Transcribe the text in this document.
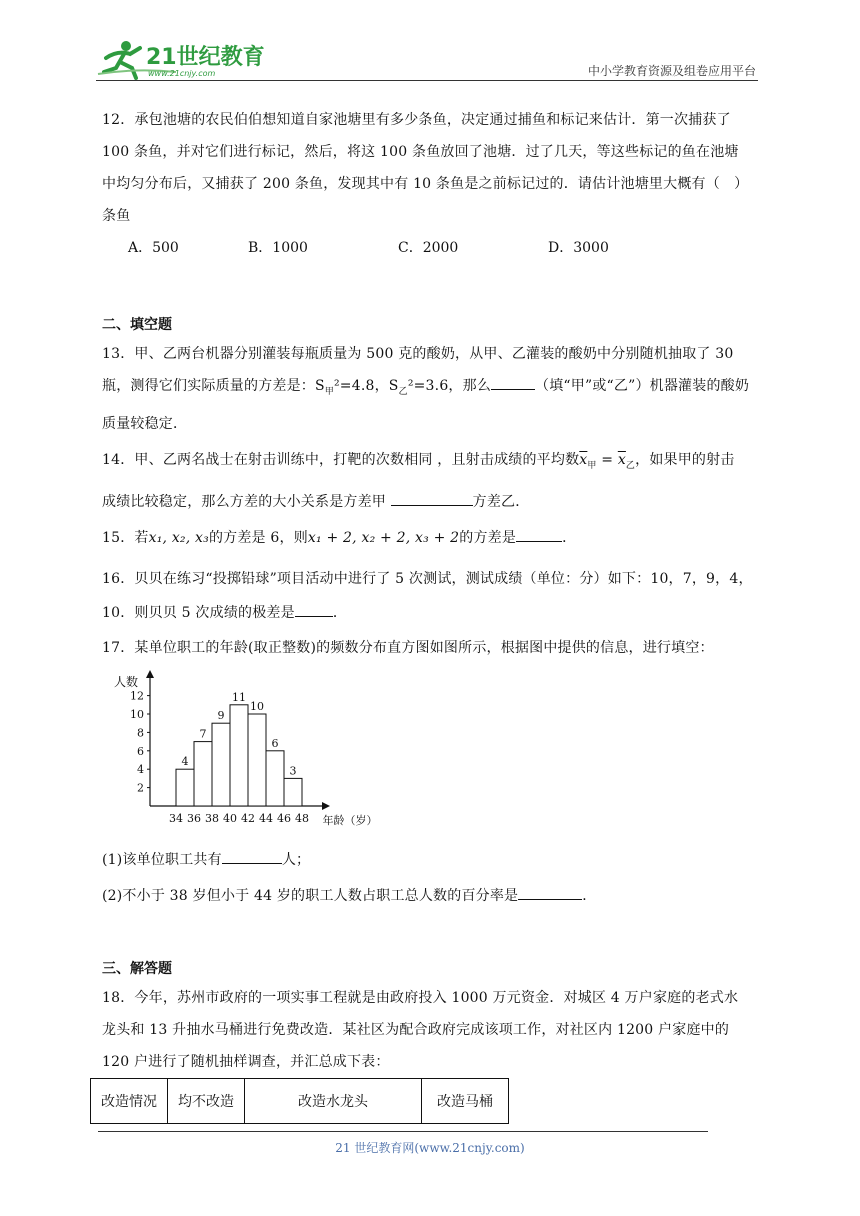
21世纪教育
www.21cnjy.com	中小学教育资源及组卷应用平台
12．承包池塘的农民伯伯想知道自家池塘里有多少条鱼，决定通过捕鱼和标记来估计．第一次捕获了
100 条鱼，并对它们进行标记，然后，将这 100 条鱼放回了池塘．过了几天，等这些标记的鱼在池塘
中均匀分布后，又捕获了 200 条鱼，发现其中有 10 条鱼是之前标记过的．请估计池塘里大概有（　）
条鱼
A．500	B．1000	C．2000	D．3000
二、填空题
13．甲、乙两台机器分别灌装每瓶质量为 500 克的酸奶，从甲、乙灌装的酸奶中分别随机抽取了 30
瓶，测得它们实际质量的方差是：$S_甲^2=4.8$，$S_乙^2=3.6$，那么	（填“甲”或“乙”）机器灌装的酸奶
质量较稳定．
14．甲、乙两名战士在射击训练中，打靶的次数相同 ，且射击成绩的平均数$\overline{x}_甲 = \overline{x}_乙$，如果甲的射击
成绩比较稳定，那么方差的大小关系是方差甲	方差乙．
15．若x₁, x₂, x₃的方差是 6，则x₁ + 2, x₂ + 2, x₃ + 2的方差是	．
16．贝贝在练习“投掷铅球”项目活动中进行了 5 次测试，测试成绩（单位：分）如下：10，7，9，4，
10．则贝贝 5 次成绩的极差是	．
17．某单位职工的年龄(取正整数)的频数分布直方图如图所示，根据图中提供的信息，进行填空：
人数
2
4
6
8
10
12
4
7
9
11
10
6
3
34 36 38 40 42 44 46 48 年龄（岁）
(1)该单位职工共有	人；
(2)不小于 38 岁但小于 44 岁的职工人数占职工总人数的百分率是	．
三、解答题
18．今年，苏州市政府的一项实事工程就是由政府投入 1000 万元资金．对城区 4 万户家庭的老式水
龙头和 13 升抽水马桶进行免费改造．某社区为配合政府完成该项工作，对社区内 1200 户家庭中的
120 户进行了随机抽样调查，并汇总成下表：
改造情况	均不改造	改造水龙头	改造马桶
21 世纪教育网(www.21cnjy.com)
